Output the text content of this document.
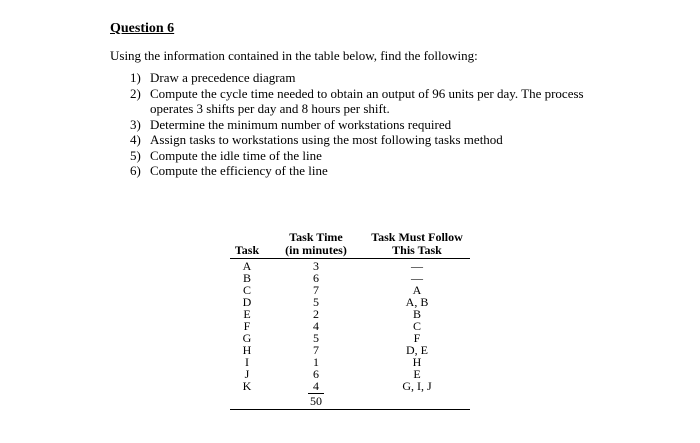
Question 6
Using the information contained in the table below, find the following:
1) Draw a precedence diagram
2) Compute the cycle time needed to obtain an output of 96 units per day. The process operates 3 shifts per day and 8 hours per shift.
3) Determine the minimum number of workstations required
4) Assign tasks to workstations using the most following tasks method
5) Compute the idle time of the line
6) Compute the efficiency of the line
Task
Task Time
(in minutes)
Task Must Follow
This Task
A
B
C
D
E
F
G
H
I
J
K
3
6
7
5
2
4
5
7
1
6
4
—
—
A
A, B
B
C
F
D, E
H
E
G, I, J
50
